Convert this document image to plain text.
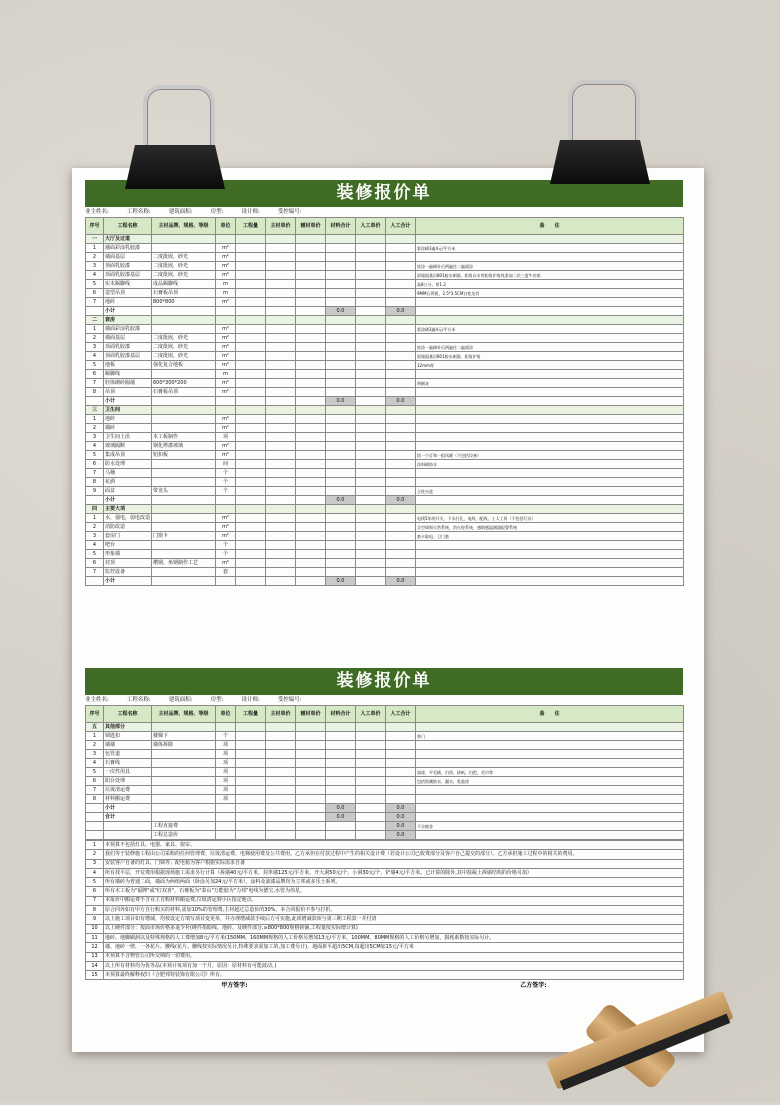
装修报价单
业主姓名:	工程名称:	建筑面积:	房型:	设计师:	受控编号:
序号	工程名称	主材品牌、规格、等级	单位	工程量	主材单价	辅材单价	材料合计	人工单价	人工合计	备　　注
一	大厅及过道									
1	墙面彩涂乳胶漆		m²							彩涂刷3遍4元/平方米
2	墙面基层	二度批嵌，砂光	m²							
3	顶面乳胶漆	二度批嵌，砂光	m²							底涂一遍刷补后两遍往二遍面涂
4	顶面乳胶漆基层	二度批嵌，砂光	m²							原墙面基层801胶水刷面，阳角以专用阳角护角线条加二层三度牛皮纸
5	实木踢脚线	成品踢脚线	m							高8公分，厚1.2
6	造型吊顶	石膏板吊顶	m							9MM石膏板，2.5*3.5CM白松龙骨
7	地砖	800*800	m²							
	小计						0.0		0.0	
二	套房									
1	墙面彩涂乳胶漆		m²							彩涂刷3遍4元/平方米
2	墙面基层	二度批嵌，砂光	m²							
3	顶面乳胶漆	二度批嵌，砂光	m²							底涂一遍刷补后两遍往二遍面涂
4	顶面乳胶漆基层	二度批嵌，砂光	m²							原墙面基层801胶水刷面，阳角护角
5	地板	强化复合地板	m²							12mm厚
6	踢脚线		m							
7	轻体砌砖隔墙	600*300*200	m²							明铺灰
8	吊顶	石膏板吊顶	m²							
	小计						0.0		0.0	
三	卫生间									
1	地砖		m²							
2	墙砖		m²							
3	卫生间上沿	木工板制作	项							
4	玻璃隔断	钢化烤漆玻璃	m²							
5	集成吊顶	铝扣板	m²							铝一个灯和一组风暖（不包括设备）
6	防水处理		间							涂料刷防水
7	马桶		个							
8	花洒		个							
9	面盆	带龙头	个							立柱台盆
	小计						0.0		0.0	
四	主要大项									
1	水，强电，弱电改造		m²							电线5年的开关，下水打孔，电线，配线，工人工资（不包括灯具）
2	消防改造		m²							含空调和天然系统，消火栓系统，感烟感温测器报警系统
3	套房门	门窗卡	m²							套卡取电，卫门套
4	吧台		个							
5	形象墙		个							
6	封顶	槽钢，角钢制作工艺	m²							
7	监控设备		套							
	小计						0.0		0.0	
装修报价单
业主姓名:	工程名称:	建筑面积:	房型:	设计师:	受控编号:
序号	工程名称	主材品牌、规格、等级	单位	工程量	主材单价	辅材单价	材料合计	人工单价	人工合计	备　　注
五	其他部分									
1	锁匙扣	楼梯下	个							带门
2	墙墙	墙体拆除	项							
3	包管道		项							
4	石膏线		项							
5	一次性用具		项							油漆，平毛刷，扫帚，砂纸，扫把，毛巾等
6	阳台处理		项							包括防潮防水，漏水，乳胶漆
7	垃圾清运费		项							
8	材料搬运费		项							
	小计						0.0		0.0	
	合计						0.0		0.0	
		工程直接费							0.0	不含税金
		工程总造价							0.0	
1	本预算不包括灯具、电器、家具、窗帘。
2	我们等于装修施工程由公司采购的任何管理费、垃圾清运费、电梯使用费及公共费用。乙方承担在付款过程中产生的相关设计费（若设计公司已收费部分及客户自己提交的部分）。乙方承担施工过程中的相关的费用。
3	安装客户自备的灯具、门锁等；配电箱为客户根据实际需求自备
4	所有找平层，开荒费用根据现场施工需求另行计算（拆墙40元/平方米，封单墙125元/平方米，开大洞50元/个，小洞30元/个，铲墙4元/平方米。已计算的除外,其中混凝土拆墙结构的价格另加）
5	所有墙砖为普通二面，墙面为两组两面（卧涂另加24元/平方米），涂料及油漆品牌均为立邦或多乐士系列。
6	所有木工板为"福牌"或"红双喜"，石膏板为"泰山"万能胶为"力邦"电线为德宝,水管为伟星。
7	本报价中搬运费不含业主自购材料搬运费,垃圾清运到小区指定地点。
8	原合同外如有甲方自行购买的材料,需加10%的管理费,主材超过总造价的30%，本合同报价不参与打折。
9	以上施工项目如有增减，均按设定方填写项目变更单，并办理增减款手续后方可实施,此项增减款项与第三期工程款一并付清
10	以上硬件部分：按面市场价格多退少补(硬件指暗线、地砖、及硬件部分,≥800*800规格砖铺,工程量按实际增计算)
11	地砖、地脚刷洞以及特殊规格的人工费增加8元/平方米(150MM、160MM规格的人工价格另增加13元/平方米，100MM、80MM规格的人工价格另增加，损耗系数按实际另计。
12	墙、地砖一律，一各花片、腰线(花片、腰线按实际情况另计,特殊要求需加工的,加工费另计)，地面拼平超出5CM,每超出5CM加15元/平方米
13	本预算不含物管公司所交纳的一切费用。
14	以上所有材料均为优等品(本预计每项有加一个月，原因：原材料有可能波动。)
15	本预算最终解释权归《合肥邦特装饰有限公司》所有。
甲方签字:	乙方签字:
